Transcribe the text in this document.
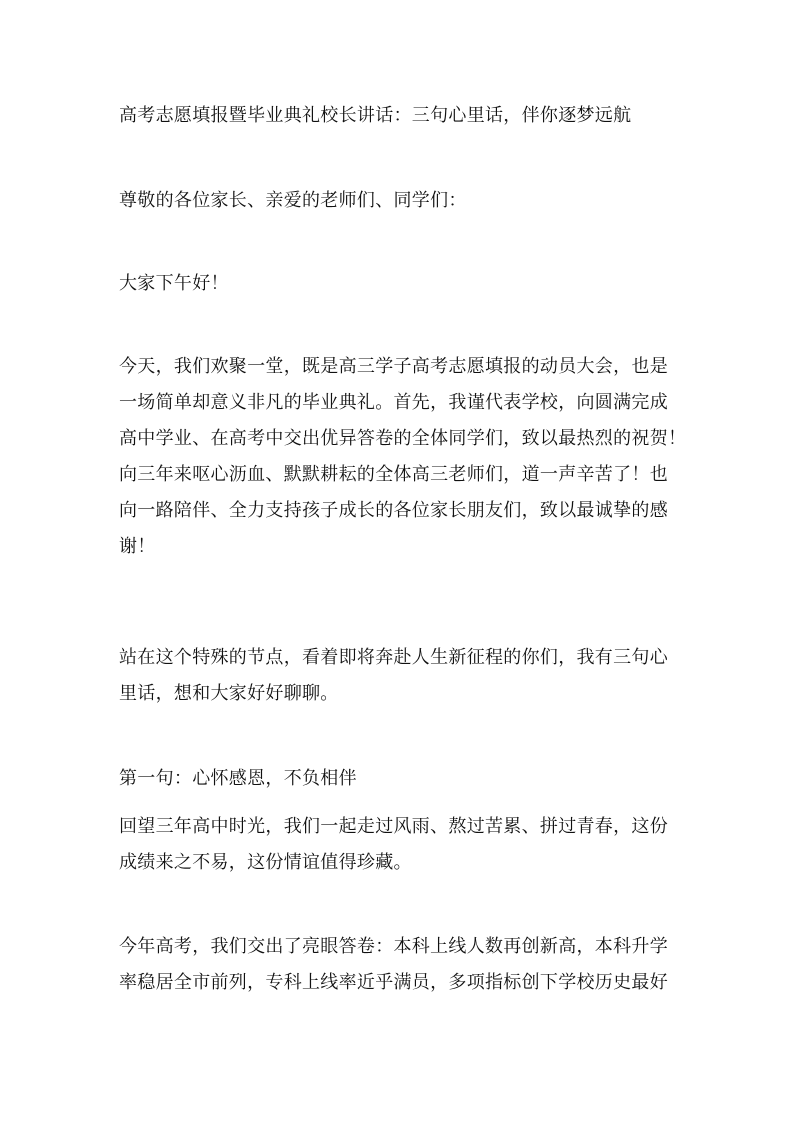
高考志愿填报暨毕业典礼校长讲话：三句心里话，伴你逐梦远航
尊敬的各位家长、亲爱的老师们、同学们：
大家下午好！
今天，我们欢聚一堂，既是高三学子高考志愿填报的动员大会，也是
一场简单却意义非凡的毕业典礼。首先，我谨代表学校，向圆满完成
高中学业、在高考中交出优异答卷的全体同学们，致以最热烈的祝贺！
向三年来呕心沥血、默默耕耘的全体高三老师们，道一声辛苦了！也
向一路陪伴、全力支持孩子成长的各位家长朋友们，致以最诚挚的感
谢！
站在这个特殊的节点，看着即将奔赴人生新征程的你们，我有三句心
里话，想和大家好好聊聊。
第一句：心怀感恩，不负相伴
回望三年高中时光，我们一起走过风雨、熬过苦累、拼过青春，这份
成绩来之不易，这份情谊值得珍藏。
今年高考，我们交出了亮眼答卷：本科上线人数再创新高，本科升学
率稳居全市前列，专科上线率近乎满员，多项指标创下学校历史最好
